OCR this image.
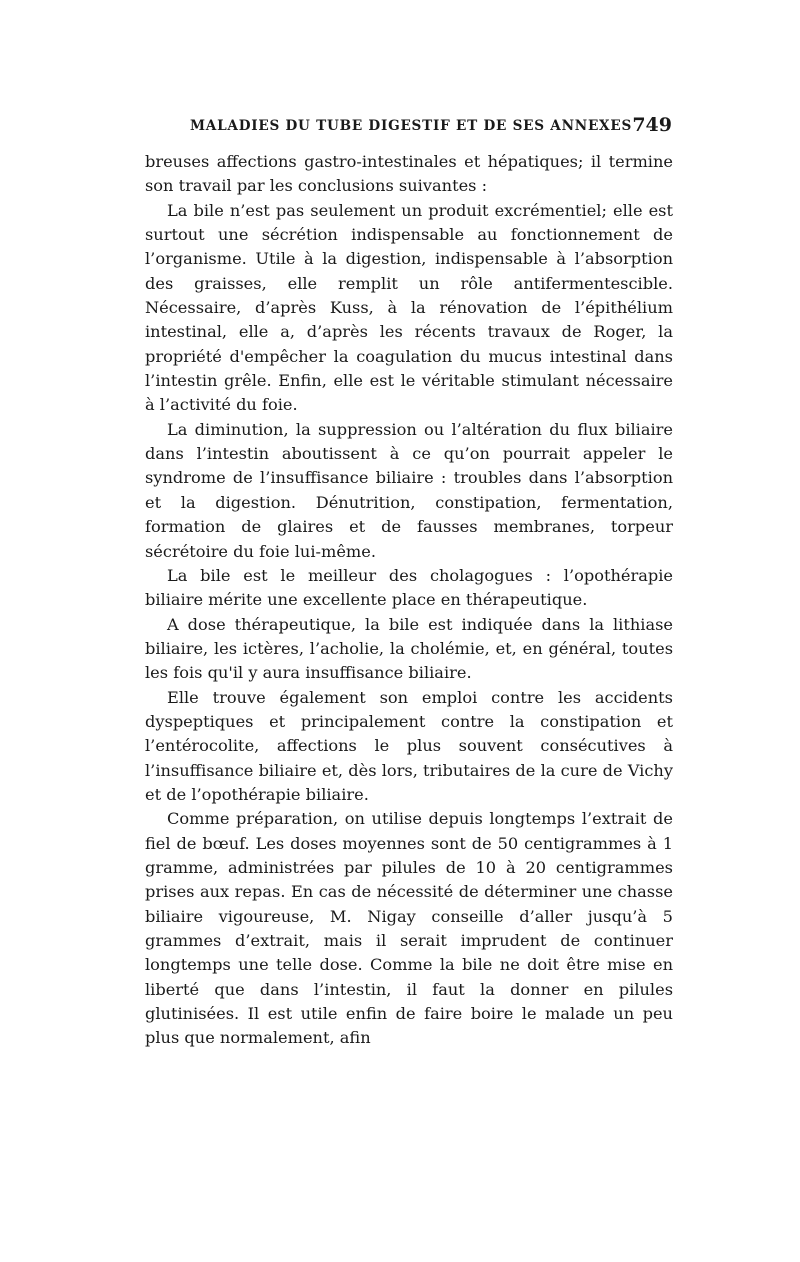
MALADIES DU TUBE DIGESTIF ET DE SES ANNEXES 749

breuses affections gastro-intestinales et hépatiques; il termine son travail par les conclusions suivantes :

La bile n’est pas seulement un produit excrémentiel; elle est surtout une sécrétion indispensable au fonctionnement de l’organisme. Utile à la digestion, indispensable à l’absorption des graisses, elle remplit un rôle antifermentescible. Nécessaire, d’après Kuss, à la rénovation de l’épithélium intestinal, elle a, d’après les récents travaux de Roger, la propriété d'empêcher la coagulation du mucus intestinal dans l’intestin grêle. Enfin, elle est le véritable stimulant nécessaire à l’activité du foie.

La diminution, la suppression ou l’altération du flux biliaire dans l’intestin aboutissent à ce qu’on pourrait appeler le syndrome de l’insuffisance biliaire : troubles dans l’absorption et la digestion. Dénutrition, constipation, fermentation, formation de glaires et de fausses membranes, torpeur sécrétoire du foie lui-même.

La bile est le meilleur des cholagogues : l’opothérapie biliaire mérite une excellente place en thérapeutique.

A dose thérapeutique, la bile est indiquée dans la lithiase biliaire, les ictères, l’acholie, la cholémie, et, en général, toutes les fois qu'il y aura insuffisance biliaire.

Elle trouve également son emploi contre les accidents dyspeptiques et principalement contre la constipation et l’entérocolite, affections le plus souvent consécutives à l’insuffisance biliaire et, dès lors, tributaires de la cure de Vichy et de l’opothérapie biliaire.

Comme préparation, on utilise depuis longtemps l’extrait de fiel de bœuf. Les doses moyennes sont de 50 centigrammes à 1 gramme, administrées par pilules de 10 à 20 centigrammes prises aux repas. En cas de nécessité de déterminer une chasse biliaire vigoureuse, M. Nigay conseille d’aller jusqu’à 5 grammes d’extrait, mais il serait imprudent de continuer longtemps une telle dose. Comme la bile ne doit être mise en liberté que dans l’intestin, il faut la donner en pilules glutinisées. Il est utile enfin de faire boire le malade un peu plus que normalement, afin
